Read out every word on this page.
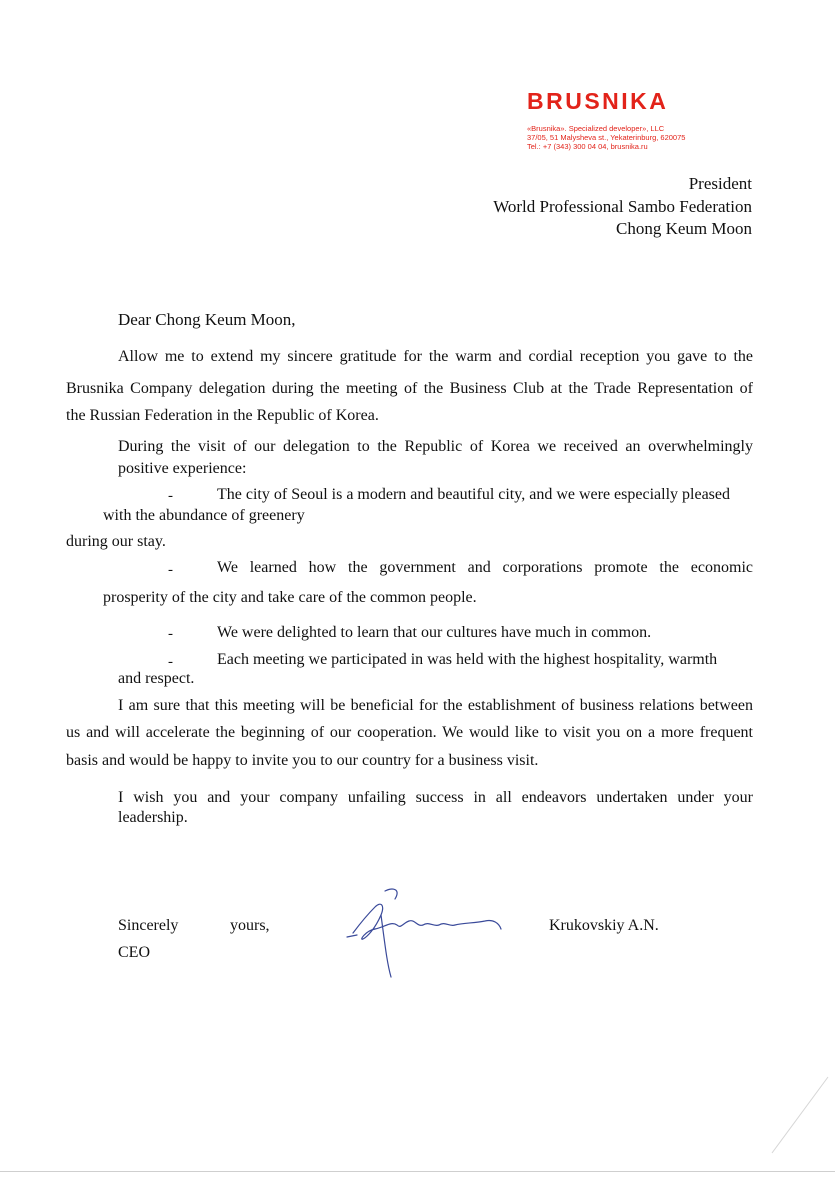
BRUSNIKA
«Brusnika». Specialized developer», LLC
37/05, 51 Malysheva st., Yekaterinburg, 620075
Tel.: +7 (343) 300 04 04, brusnika.ru
President
World Professional Sambo Federation
Chong Keum Moon
Dear Chong Keum Moon,
Allow me to extend my sincere gratitude for the warm and cordial reception you gave to the
Brusnika Company delegation during the meeting of the Business Club at the Trade Representation of
the Russian Federation in the Republic of Korea.
During the visit of our delegation to the Republic of Korea we received an overwhelmingly
positive experience:
-	The city of Seoul is a modern and beautiful city, and we were especially pleased
with the abundance of greenery
during our stay.
-	We learned how the government and corporations promote the economic
prosperity of the city and take care of the common people.
-	We were delighted to learn that our cultures have much in common.
-	Each meeting we participated in was held with the highest hospitality, warmth
and respect.
I am sure that this meeting will be beneficial for the establishment of business relations between
us and will accelerate the beginning of our cooperation. We would like to visit you on a more frequent
basis and would be happy to invite you to our country for a business visit.
I wish you and your company unfailing success in all endeavors undertaken under your
leadership.
Sincerely	yours,
CEO
Krukovskiy A.N.
